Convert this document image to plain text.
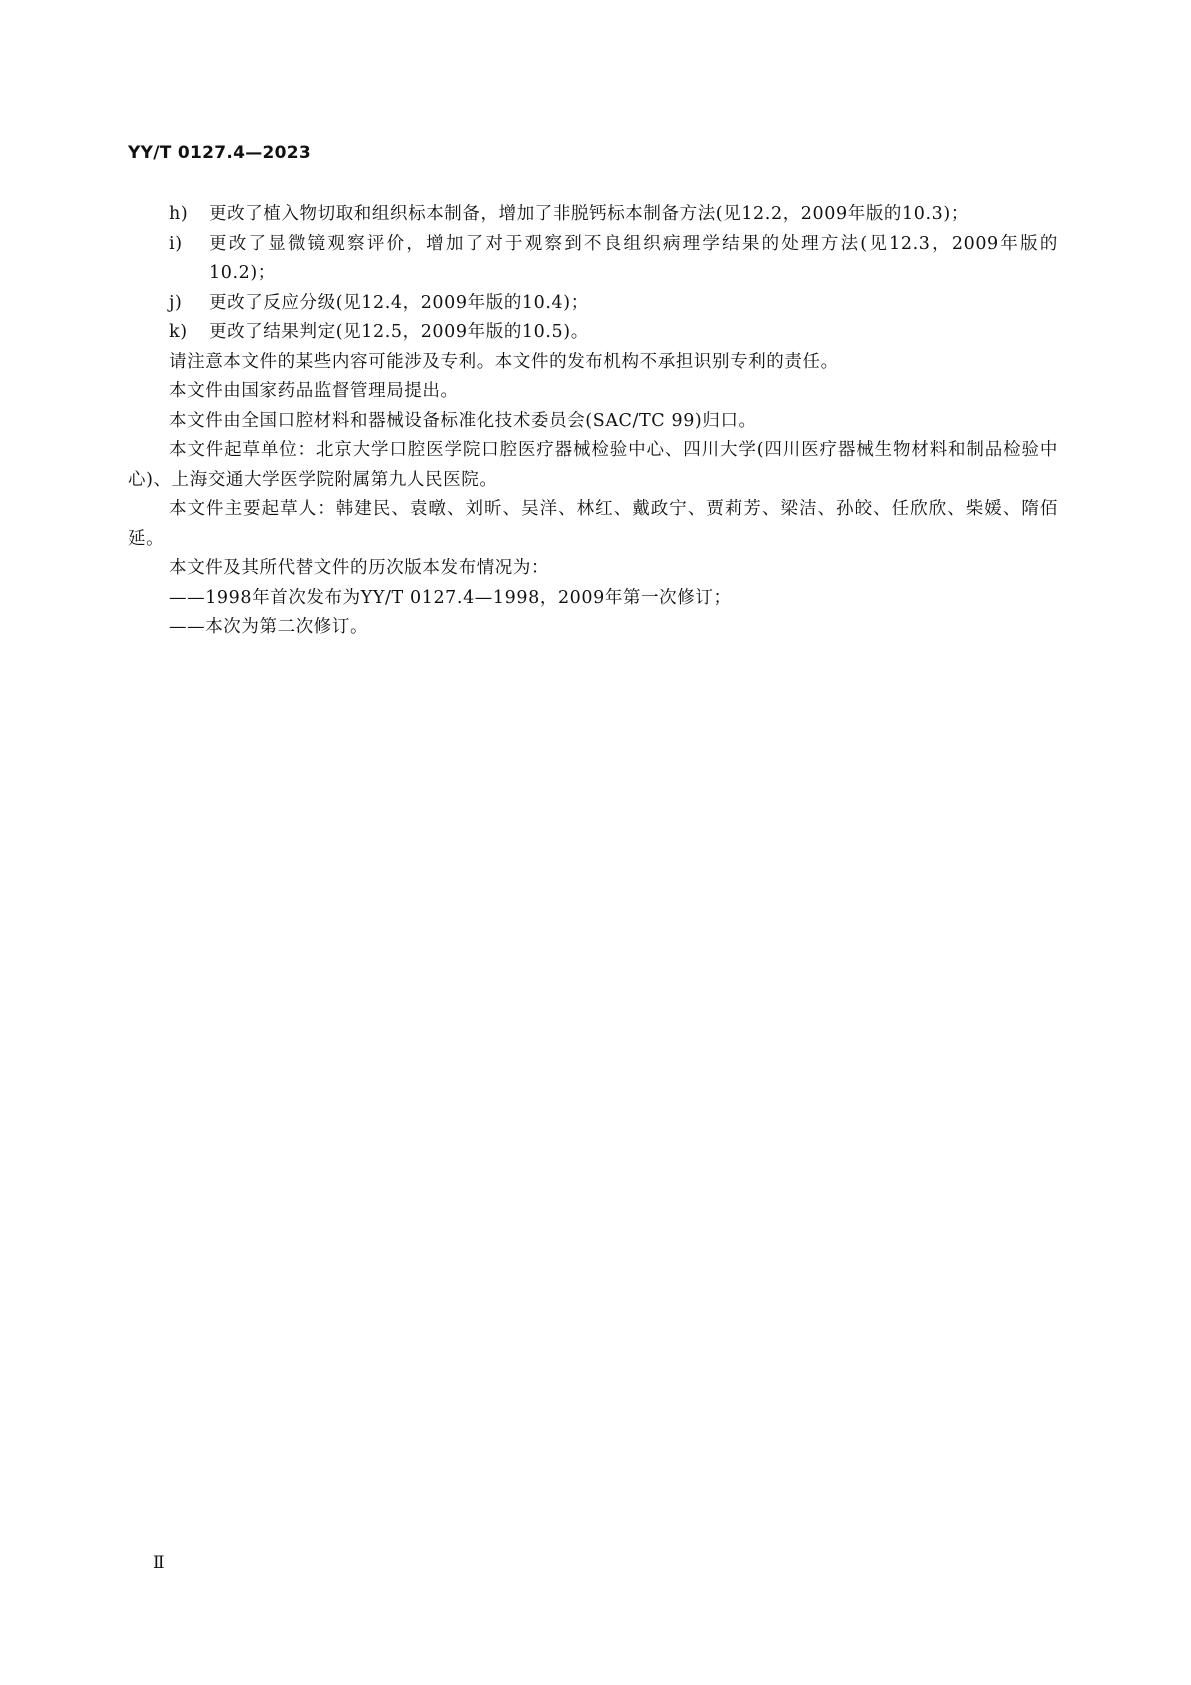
YY/T 0127.4—2023
h)	更改了植入物切取和组织标本制备，增加了非脱钙标本制备方法(见12.2，2009年版的10.3)；
i)	更改了显微镜观察评价，增加了对于观察到不良组织病理学结果的处理方法(见12.3，2009年版的10.2)；
j)	更改了反应分级(见12.4，2009年版的10.4)；
k)	更改了结果判定(见12.5，2009年版的10.5)。

请注意本文件的某些内容可能涉及专利。本文件的发布机构不承担识别专利的责任。

本文件由国家药品监督管理局提出。

本文件由全国口腔材料和器械设备标准化技术委员会(SAC/TC 99)归口。

本文件起草单位：北京大学口腔医学院口腔医疗器械检验中心、四川大学(四川医疗器械生物材料和制品检验中心)、上海交通大学医学院附属第九人民医院。

本文件主要起草人：韩建民、袁暾、刘昕、吴洋、林红、戴政宁、贾莉芳、梁洁、孙皎、任欣欣、柴媛、隋佰延。

本文件及其所代替文件的历次版本发布情况为：

——1998年首次发布为YY/T 0127.4—1998，2009年第一次修订；

——本次为第二次修订。

Ⅱ
